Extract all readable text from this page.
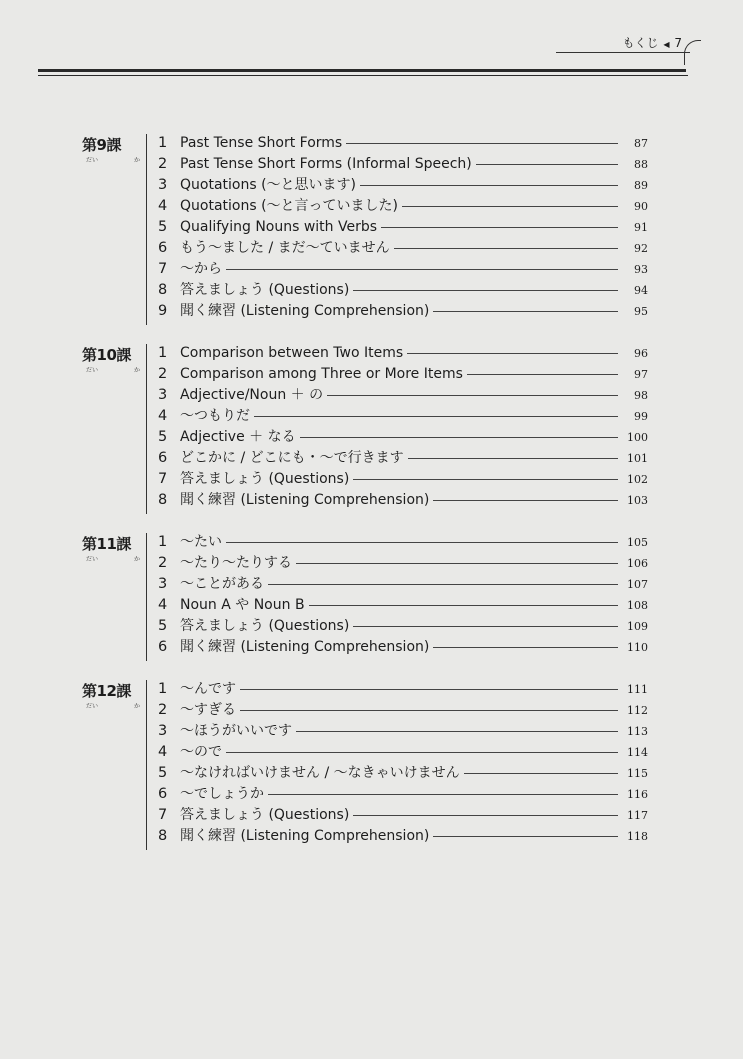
もくじ ◀ 7
第9課
だい	か
1 Past Tense Short Forms	87
2 Past Tense Short Forms (Informal Speech)	88
3 Quotations (〜と思います)	89
4 Quotations (〜と言っていました)	90
5 Qualifying Nouns with Verbs	91
6 もう〜ました / まだ〜ていません	92
7 〜から	93
8 答えましょう (Questions)	94
9 聞く練習 (Listening Comprehension)	95
第10課
だい	か
1 Comparison between Two Items	96
2 Comparison among Three or More Items	97
3 Adjective/Noun ＋ の	98
4 〜つもりだ	99
5 Adjective ＋ なる	100
6 どこかに / どこにも・〜で行きます	101
7 答えましょう (Questions)	102
8 聞く練習 (Listening Comprehension)	103
第11課
だい	か
1 〜たい	105
2 〜たり〜たりする	106
3 〜ことがある	107
4 Noun A や Noun B	108
5 答えましょう (Questions)	109
6 聞く練習 (Listening Comprehension)	110
第12課
だい	か
1 〜んです	111
2 〜すぎる	112
3 〜ほうがいいです	113
4 〜ので	114
5 〜なければいけません / 〜なきゃいけません	115
6 〜でしょうか	116
7 答えましょう (Questions)	117
8 聞く練習 (Listening Comprehension)	118
